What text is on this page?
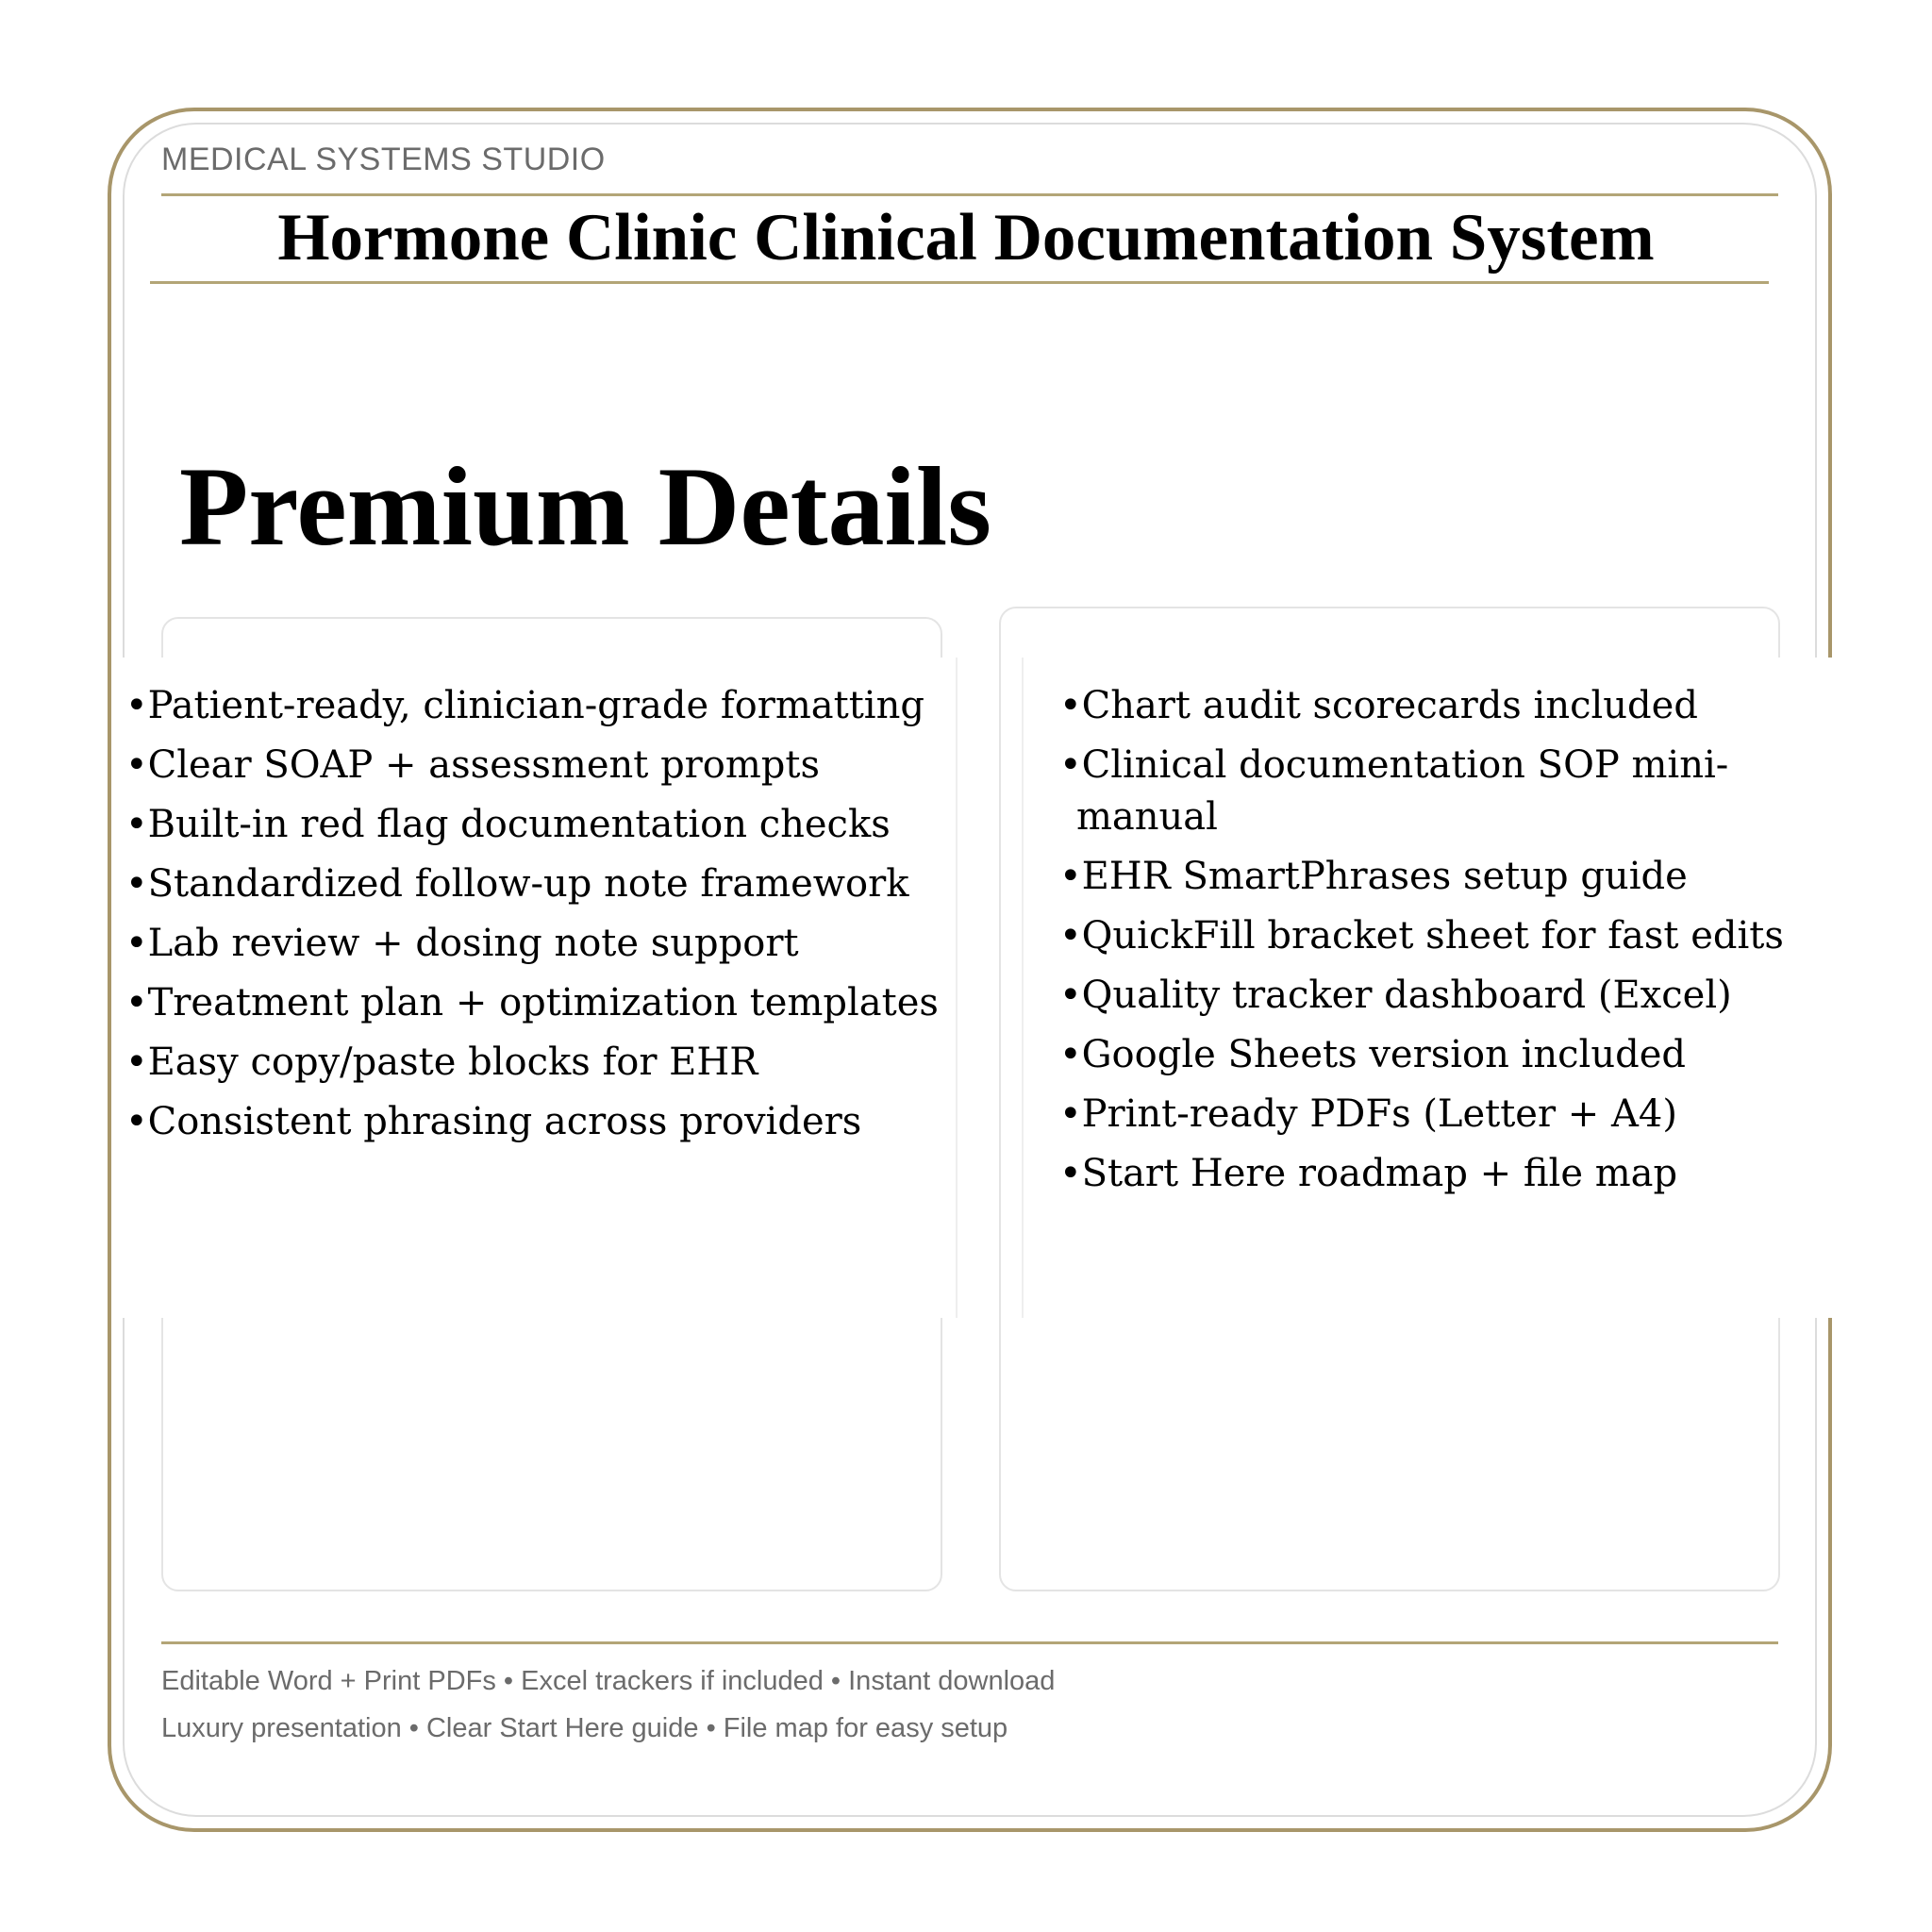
MEDICAL SYSTEMS STUDIO
Hormone Clinic Clinical Documentation System
Premium Details
• Patient-ready, clinician-grade formatting
• Clear SOAP + assessment prompts
• Built-in red flag documentation checks
• Standardized follow-up note framework
• Lab review + dosing note support
• Treatment plan + optimization templates
• Easy copy/paste blocks for EHR
• Consistent phrasing across providers
• Chart audit scorecards included
• Clinical documentation SOP mini-manual
• EHR SmartPhrases setup guide
• QuickFill bracket sheet for fast edits
• Quality tracker dashboard (Excel)
• Google Sheets version included
• Print-ready PDFs (Letter + A4)
• Start Here roadmap + file map
Editable Word + Print PDFs • Excel trackers if included • Instant download
Luxury presentation • Clear Start Here guide • File map for easy setup
